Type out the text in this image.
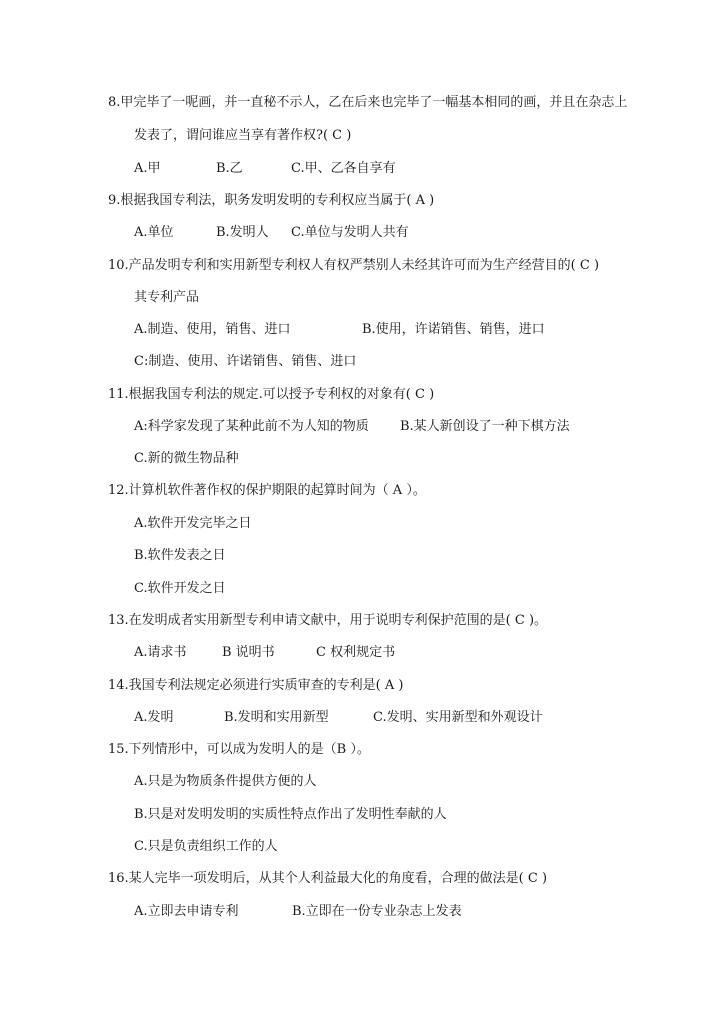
8.甲完毕了一呢画，并一直秘不示人，乙在后来也完毕了一幅基本相同的画，并且在杂志上
发表了，谓问谁应当享有著作权?( C )
A.甲	B.乙	C.甲、乙各自享有
9.根据我国专利法，职务发明发明的专利权应当属于( A )
A.单位	B.发明人 C.单位与发明人共有
10.产品发明专利和实用新型专利权人有权严禁别人未经其许可而为生产经营目的( C )
其专利产品
A.制造、使用，销售、进口	B.使用，许诺销售、销售，进口
C:制造、使用、许诺销售、销售、进口
11.根据我国专利法的规定.可以授予专利权的对象有( C )
A:科学家发现了某种此前不为人知的物质 B.某人新创设了一种下棋方法
C.新的微生物品种
12.计算机软件著作权的保护期限的起算时间为（ A ）。
A.软件开发完毕之日
B.软件发表之日
C.软件开发之日
13.在发明成者实用新型专利申请文献中，用于说明专利保护范围的是( C )。
A.请求书	B 说明书	C 权利规定书
14.我国专利法规定必须进行实质审查的专利是( A )
A.发明	B.发明和实用新型	C.发明、实用新型和外观设计
15.下列情形中，可以成为发明人的是（B ）。
A.只是为物质条件提供方便的人
B.只是对发明发明的实质性特点作出了发明性奉献的人
C.只是负责组织工作的人
16.某人完毕一项发明后，从其个人利益最大化的角度看，合理的做法是( C )
A.立即去申请专利	B.立即在一份专业杂志上发表
